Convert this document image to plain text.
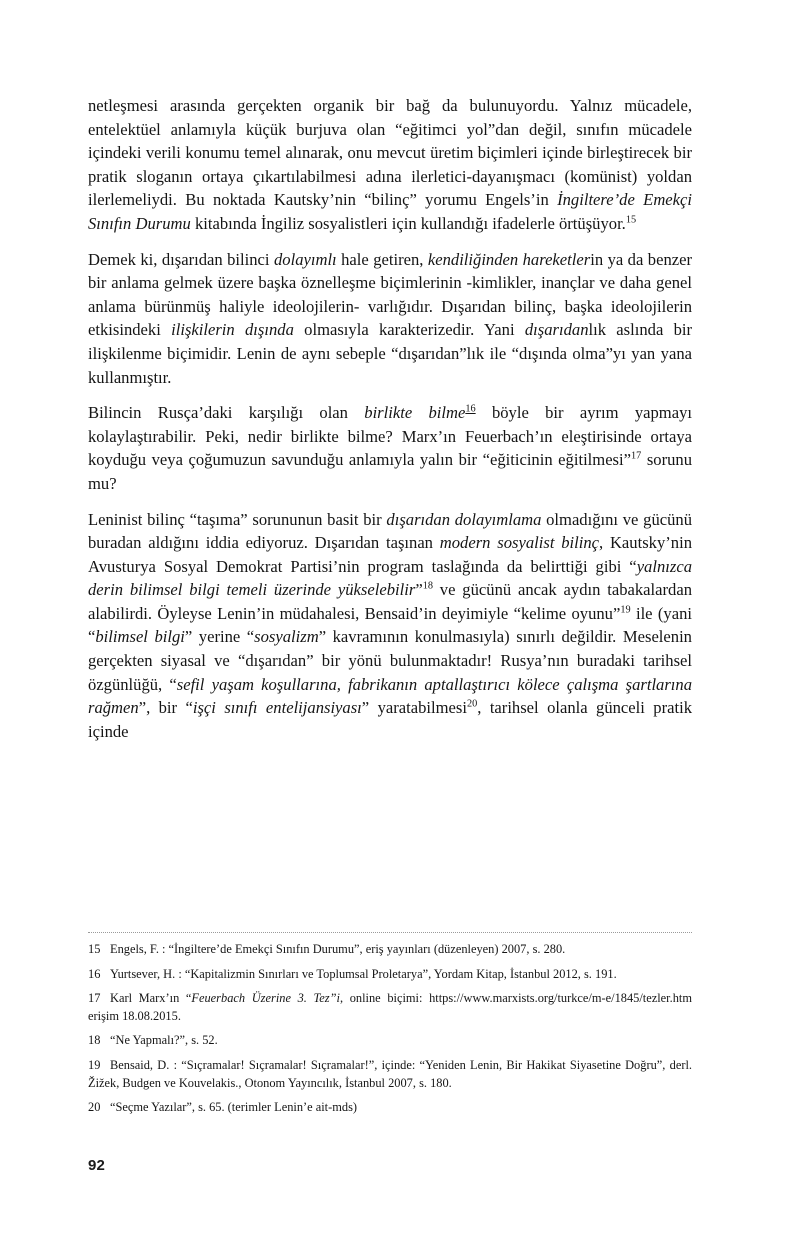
netleşmesi arasında gerçekten organik bir bağ da bulunuyordu. Yalnız mücadele, entelektüel anlamıyla küçük burjuva olan “eğitimci yol”dan değil, sınıfın mücadele içindeki verili konumu temel alınarak, onu mevcut üretim biçimleri içinde birleştirecek bir pratik sloganın ortaya çıkartılabilmesi adına ilerletici-dayanışmacı (komünist) yoldan ilerlemeliydi. Bu noktada Kautsky’nin “bilinç” yorumu Engels’in İngiltere’de Emekçi Sınıfın Durumu kitabında İngiliz sosyalistleri için kullandığı ifadelerle örtüşüyor.$^{15}$

Demek ki, dışarıdan bilinci dolayımlı hale getiren, kendiliğinden hareketlerin ya da benzer bir anlama gelmek üzere başka öznelleşme biçimlerinin -kimlikler, inançlar ve daha genel anlama bürünmüş haliyle ideolojilerin- varlığıdır. Dışarıdan bilinç, başka ideolojilerin etkisindeki ilişkilerin dışında olmasıyla karakterizedir. Yani dışarıdanlık aslında bir ilişkilenme biçimidir. Lenin de aynı sebeple “dışarıdan”lık ile “dışında olma”yı yan yana kullanmıştır.

Bilincin Rusça’daki karşılığı olan birlikte bilme$^{16}$ böyle bir ayrım yapmayı kolaylaştırabilir. Peki, nedir birlikte bilme? Marx’ın Feuerbach’ın eleştirisinde ortaya koyduğu veya çoğumuzun savunduğu anlamıyla yalın bir “eğiticinin eğitilmesi”$^{17}$ sorunu mu?

Leninist bilinç “taşıma” sorununun basit bir dışarıdan dolayımlama olmadığını ve gücünü buradan aldığını iddia ediyoruz. Dışarıdan taşınan modern sosyalist bilinç, Kautsky’nin Avusturya Sosyal Demokrat Partisi’nin program taslağında da belirttiği gibi “yalnızca derin bilimsel bilgi temeli üzerinde yükselebilir”$^{18}$ ve gücünü ancak aydın tabakalardan alabilirdi. Öyleyse Lenin’in müdahalesi, Bensaid’in deyimiyle “kelime oyunu”$^{19}$ ile (yani “bilimsel bilgi” yerine “sosyalizm” kavramının konulmasıyla) sınırlı değildir. Meselenin gerçekten siyasal ve “dışarıdan” bir yönü bulunmaktadır! Rusya’nın buradaki tarihsel özgünlüğü, “sefil yaşam koşullarına, fabrikanın aptallaştırıcı kölece çalışma şartlarına rağmen”, bir “işçi sınıfı entelijansiyası” yaratabilmesi$^{20}$, tarihsel olanla günceli pratik içinde

15 Engels, F. : “İngiltere’de Emekçi Sınıfın Durumu”, eriş yayınları (düzenleyen) 2007, s. 280.

16 Yurtsever, H. : “Kapitalizmin Sınırları ve Toplumsal Proletarya”, Yordam Kitap, İstanbul 2012, s. 191.

17 Karl Marx’ın “Feuerbach Üzerine 3. Tez”i, online biçimi: https://www.marxists.org/turkce/m-e/1845/tezler.htm erişim 18.08.2015.

18 “Ne Yapmalı?”, s. 52.

19 Bensaid, D. : “Sıçramalar! Sıçramalar! Sıçramalar!”, içinde: “Yeniden Lenin, Bir Hakikat Siyasetine Doğru”, derl. Žižek, Budgen ve Kouvelakis., Otonom Yayıncılık, İstanbul 2007, s. 180.

20 “Seçme Yazılar”, s. 65. (terimler Lenin’e ait-mds)

92
